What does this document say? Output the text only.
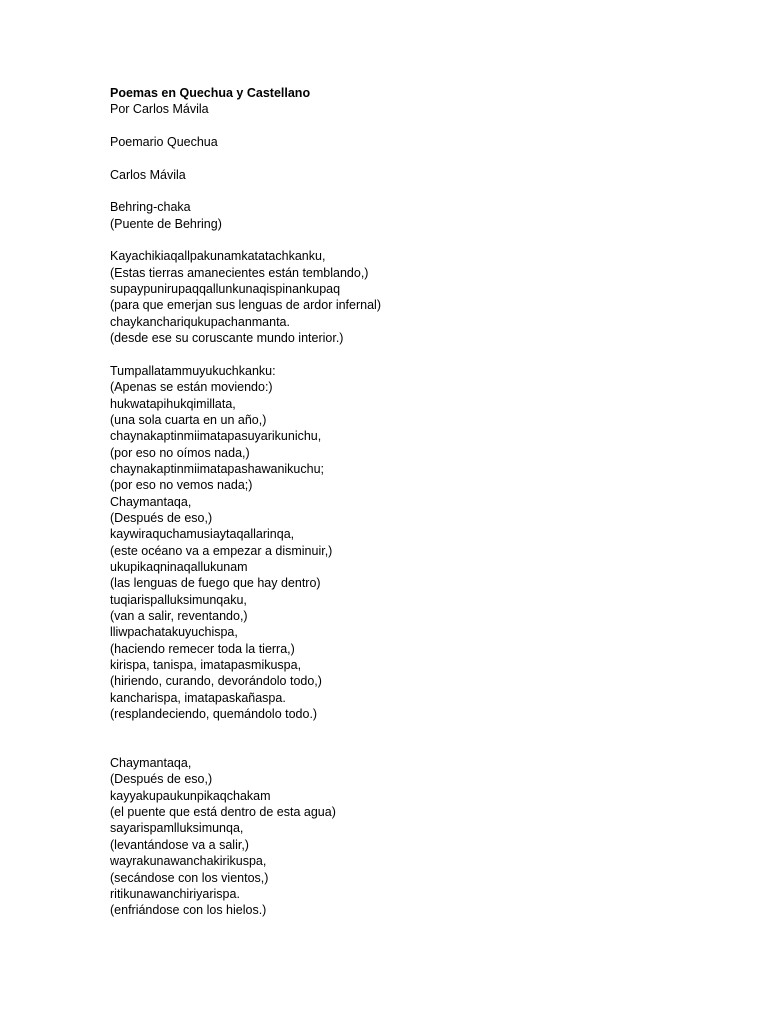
Poemas en Quechua y Castellano
Por Carlos Mávila
Poemario Quechua
Carlos Mávila
Behring-chaka
(Puente de Behring)
Kayachikiaqallpakunamkatatachkanku,
(Estas tierras amanecientes están temblando,)
supaypunirupaqqallunkunaqispinankupaq
(para que emerjan sus lenguas de ardor infernal)
chaykanchariqukupachanmanta.
(desde ese su coruscante mundo interior.)
Tumpallatammuyukuchkanku:
(Apenas se están moviendo:)
hukwatapihukqimillata,
(una sola cuarta en un año,)
chaynakaptinmiimatapasuyarikunichu,
(por eso no oímos nada,)
chaynakaptinmiimatapashawanikuchu;
(por eso no vemos nada;)
Chaymantaqa,
(Después de eso,)
kaywiraquchamusiaytaqallarinqa,
(este océano va a empezar a disminuir,)
ukupikaqninaqallukunam
(las lenguas de fuego que hay dentro)
tuqiarispalluksimunqaku,
(van a salir, reventando,)
lliwpachatakuyuchispa,
(haciendo remecer toda la tierra,)
kirispa, tanispa, imatapasmikuspa,
(hiriendo, curando, devorándolo todo,)
kancharispa, imatapaskañaspa.
(resplandeciendo, quemándolo todo.)
Chaymantaqa,
(Después de eso,)
kayyakupaukunpikaqchakam
(el puente que está dentro de esta agua)
sayarispamlluksimunqa,
(levantándose va a salir,)
wayrakunawanchakirikuspa,
(secándose con los vientos,)
ritikunawanchiriyarispa.
(enfriándose con los hielos.)
